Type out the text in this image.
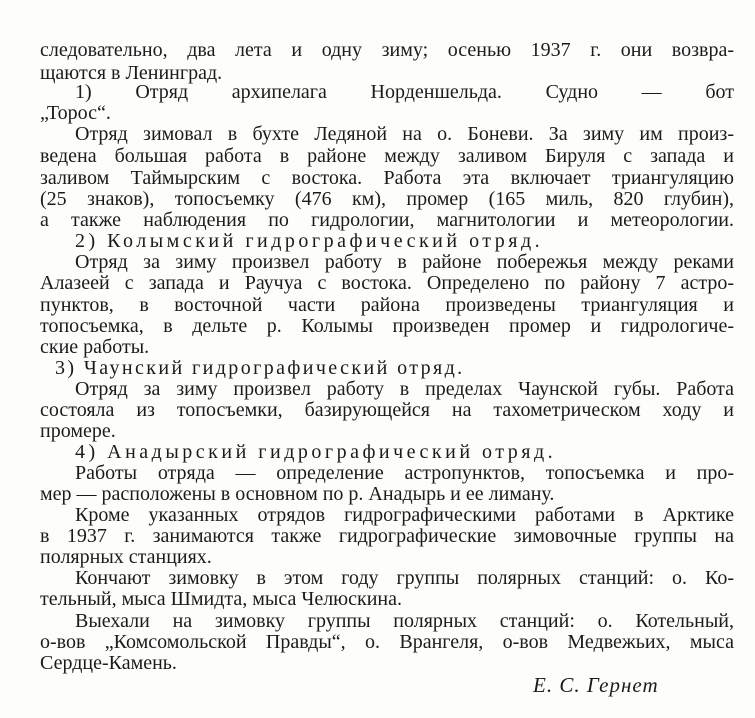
следовательно, два лета и одну зиму; осенью 1937 г. они возвра-
щаются в Ленинград.
1) Отряд архипелага Норденшельда. Судно — бот
„Торос“.
Отряд зимовал в бухте Ледяной на о. Боневи. За зиму им произ-
ведена большая работа в районе между заливом Бируля с запада и
заливом Таймырским с востока. Работа эта включает триангуляцию
(25 знаков), топосъемку (476 км), промер (165 миль, 820 глубин),
а также наблюдения по гидрологии, магнитологии и метеорологии.
2) Колымский гидрографический отряд.
Отряд за зиму произвел работу в районе побережья между реками
Алазеей с запада и Раучуа с востока. Определено по району 7 астро-
пунктов, в восточной части района произведены триангуляция и
топосъемка, в дельте р. Колымы произведен промер и гидрологиче-
ские работы.
3) Чаунский гидрографический отряд.
Отряд за зиму произвел работу в пределах Чаунской губы. Работа
состояла из топосъемки, базирующейся на тахометрическом ходу и
промере.
4) Анадырский гидрографический отряд.
Работы отряда — определение астропунктов, топосъемка и про-
мер — расположены в основном по р. Анадырь и ее лиману.
Кроме указанных отрядов гидрографическими работами в Арктике
в 1937 г. занимаются также гидрографические зимовочные группы на
полярных станциях.
Кончают зимовку в этом году группы полярных станций: о. Ко-
тельный, мыса Шмидта, мыса Челюскина.
Выехали на зимовку группы полярных станций: о. Котельный,
о-вов „Комсомольской Правды“, о. Врангеля, о-вов Медвежьих, мыса
Сердце-Камень.
Е. С. Гернет
